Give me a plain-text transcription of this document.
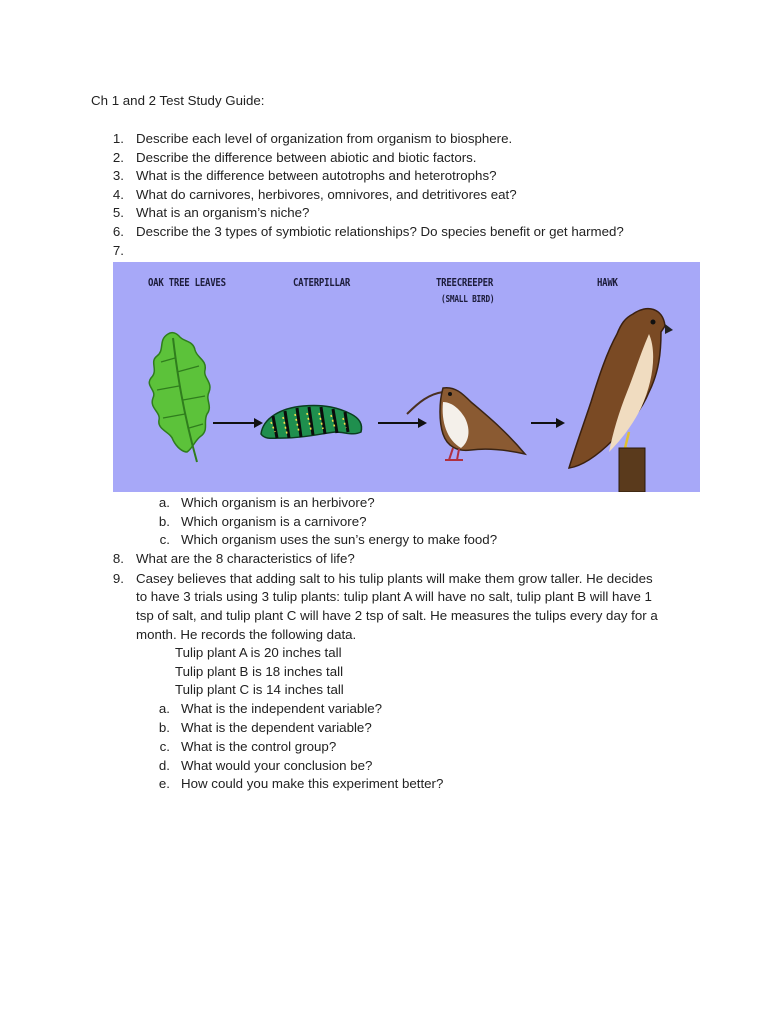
Ch 1 and 2 Test Study Guide:
1. Describe each level of organization from organism to biosphere.
2. Describe the difference between abiotic and biotic factors.
3. What is the difference between autotrophs and heterotrophs?
4. What do carnivores, herbivores, omnivores, and detritivores eat?
5. What is an organism’s niche?
6. Describe the 3 types of symbiotic relationships? Do species benefit or get harmed?
7.
OAK TREE LEAVES	CATERPILLAR	TREECREEPER
(SMALL BIRD)
HAWK
a. Which organism is an herbivore?
b. Which organism is a carnivore?
c. Which organism uses the sun’s energy to make food?
8. What are the 8 characteristics of life?
9. Casey believes that adding salt to his tulip plants will make them grow taller. He decides
to have 3 trials using 3 tulip plants: tulip plant A will have no salt, tulip plant B will have 1
tsp of salt, and tulip plant C will have 2 tsp of salt. He measures the tulips every day for a
month. He records the following data.
Tulip plant A is 20 inches tall
Tulip plant B is 18 inches tall
Tulip plant C is 14 inches tall
a. What is the independent variable?
b. What is the dependent variable?
c. What is the control group?
d. What would your conclusion be?
e. How could you make this experiment better?
